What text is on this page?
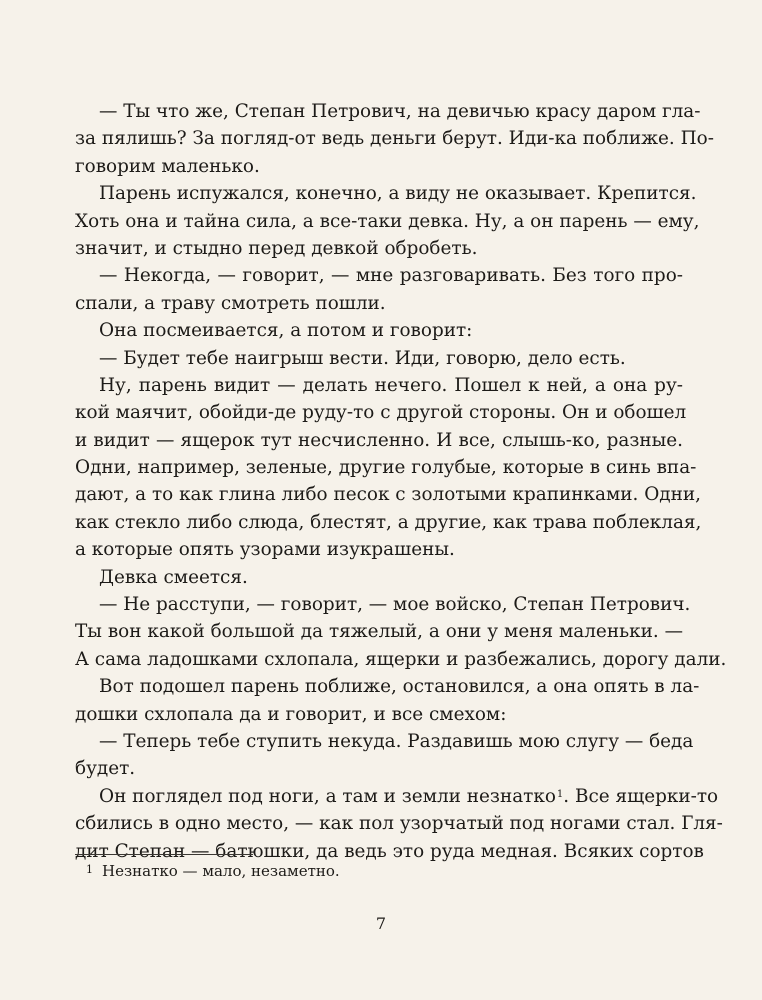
— Ты что же, Степан Петрович, на девичью красу даром гла-
за пялишь? За погляд-от ведь деньги берут. Иди-ка поближе. По-
говорим маленько.
Парень испужался, конечно, а виду не оказывает. Крепится.
Хоть она и тайна сила, а все-таки девка. Ну, а он парень — ему,
значит, и стыдно перед девкой обробеть.
— Некогда, — говорит, — мне разговаривать. Без того про-
спали, а траву смотреть пошли.
Она посмеивается, а потом и говорит:
— Будет тебе наигрыш вести. Иди, говорю, дело есть.
Ну, парень видит — делать нечего. Пошел к ней, а она ру-
кой маячит, обойди-де руду-то с другой стороны. Он и обошел
и видит — ящерок тут несчисленно. И все, слышь-ко, разные.
Одни, например, зеленые, другие голубые, которые в синь впа-
дают, а то как глина либо песок с золотыми крапинками. Одни,
как стекло либо слюда, блестят, а другие, как трава поблеклая,
а которые опять узорами изукрашены.
Девка смеется.
— Не расступи, — говорит, — мое войско, Степан Петрович.
Ты вон какой большой да тяжелый, а они у меня маленьки. —
А сама ладошками схлопала, ящерки и разбежались, дорогу дали.
Вот подошел парень поближе, остановился, а она опять в ла-
дошки схлопала да и говорит, и все смехом:
— Теперь тебе ступить некуда. Раздавишь мою слугу — беда
будет.
Он поглядел под ноги, а там и земли незнатко$^1$. Все ящерки-то
сбились в одно место, — как пол узорчатый под ногами стал. Гля-
дит Степан — батюшки, да ведь это руда медная. Всяких сортов
$^1$ Незнатко — мало, незаметно.
7
